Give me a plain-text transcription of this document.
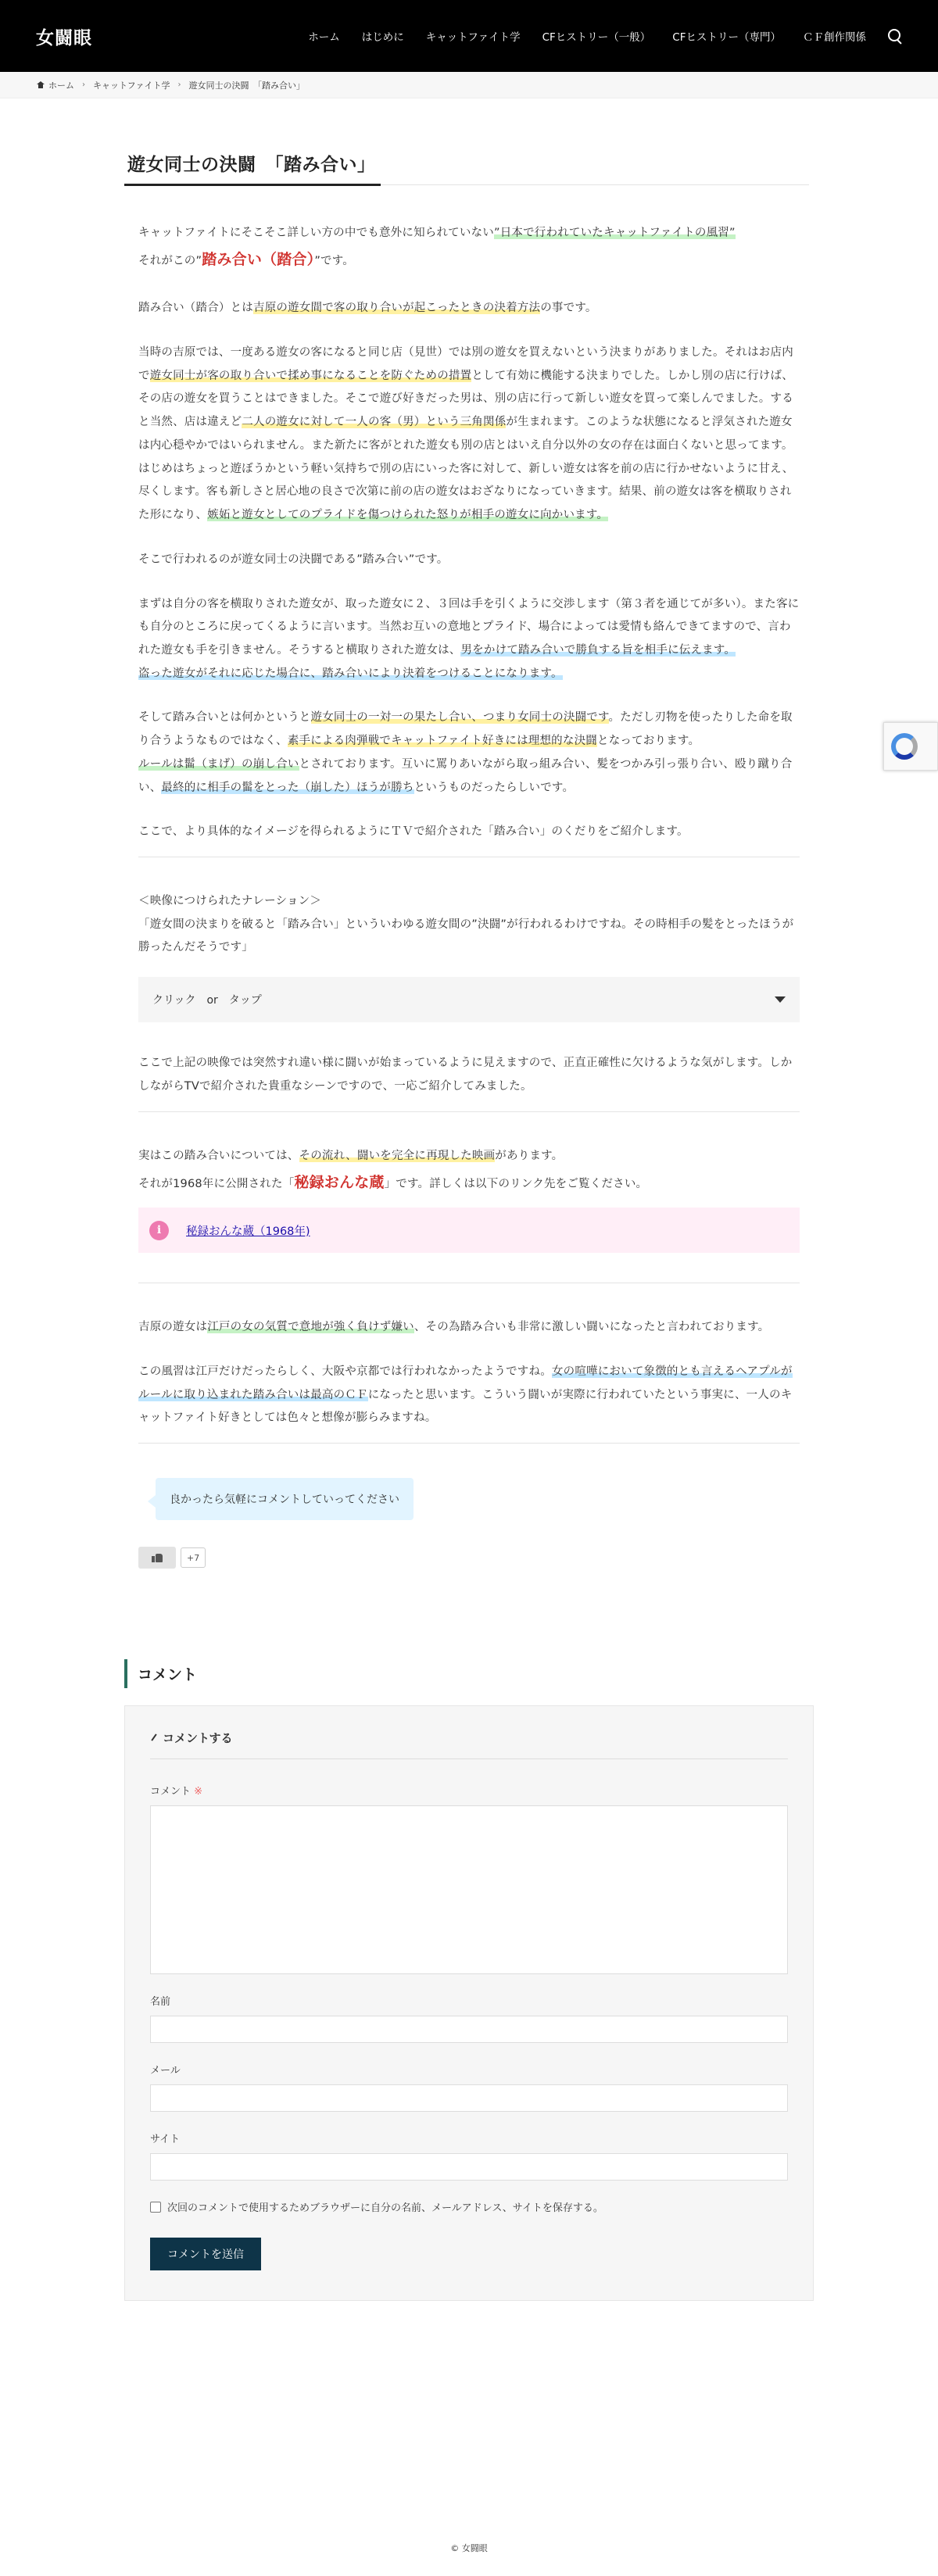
女闘眼	ホーム はじめに キャットファイト学 CFヒストリー（一般） CFヒストリー（専門） ＣＦ創作関係
ホーム › キャットファイト学 › 遊女同士の決闘　「踏み合い」
遊女同士の決闘　「踏み合い」

キャットファイトにそこそこ詳しい方の中でも意外に知られていない”日本で行われていたキャットファイトの風習”
それがこの”踏み合い（踏合）”です。

踏み合い（踏合）とは吉原の遊女間で客の取り合いが起こったときの決着方法の事です。

当時の吉原では、一度ある遊女の客になると同じ店（見世）では別の遊女を買えないという決まりがありました。それはお店内で遊女同士が客の取り合いで揉め事になることを防ぐための措置として有効に機能する決まりでした。しかし別の店に行けば、その店の遊女を買うことはできました。そこで遊び好きだった男は、別の店に行って新しい遊女を買って楽しんでました。すると当然、店は違えど二人の遊女に対して一人の客（男）という三角関係が生まれます。このような状態になると浮気された遊女は内心穏やかではいられません。また新たに客がとれた遊女も別の店とはいえ自分以外の女の存在は面白くないと思ってます。はじめはちょっと遊ぼうかという軽い気持ちで別の店にいった客に対して、新しい遊女は客を前の店に行かせないように甘え、尽くします。客も新しさと居心地の良さで次第に前の店の遊女はおざなりになっていきます。結果、前の遊女は客を横取りされた形になり、嫉妬と遊女としてのプライドを傷つけられた怒りが相手の遊女に向かいます。

そこで行われるのが遊女同士の決闘である”踏み合い”です。

まずは自分の客を横取りされた遊女が、取った遊女に２、３回は手を引くように交渉します（第３者を通じてが多い）。また客にも自分のところに戻ってくるように言います。当然お互いの意地とプライド、場合によっては愛情も絡んできてますので、言われた遊女も手を引きません。そうすると横取りされた遊女は、男をかけて踏み合いで勝負する旨を相手に伝えます。
盗った遊女がそれに応じた場合に、踏み合いにより決着をつけることになります。

そして踏み合いとは何かというと遊女同士の一対一の果たし合い、つまり女同士の決闘です。ただし刃物を使ったりした命を取り合うようなものではなく、素手による肉弾戦でキャットファイト好きには理想的な決闘となっております。
ルールは髷（まげ）の崩し合いとされております。互いに罵りあいながら取っ組み合い、髪をつかみ引っ張り合い、殴り蹴り合い、最終的に相手の髷をとった（崩した）ほうが勝ちというものだったらしいです。

ここで、より具体的なイメージを得られるようにＴＶで紹介された「踏み合い」のくだりをご紹介します。

＜映像につけられたナレーション＞
「遊女間の決まりを破ると「踏み合い」といういわゆる遊女間の”決闘”が行われるわけですね。その時相手の髪をとったほうが勝ったんだそうです」

クリック　or　タップ

ここで上記の映像では突然すれ違い様に闘いが始まっているように見えますので、正直正確性に欠けるような気がします。しかしながらTVで紹介された貴重なシーンですので、一応ご紹介してみました。

実はこの踏み合いについては、その流れ、闘いを完全に再現した映画があります。
それが1968年に公開された「秘録おんな蔵」です。詳しくは以下のリンク先をご覧ください。

i	秘録おんな蔵（1968年)

吉原の遊女は江戸の女の気質で意地が強く負けず嫌い、その為踏み合いも非常に激しい闘いになったと言われております。

この風習は江戸だけだったらしく、大阪や京都では行われなかったようですね。女の喧嘩において象徴的とも言えるヘアプルがルールに取り込まれた踏み合いは最高のＣＦになったと思います。こういう闘いが実際に行われていたという事実に、一人のキャットファイト好きとしては色々と想像が膨らみますね。

良かったら気軽にコメントしていってください
+7
コメント
コメントする
コメント ※
名前
メール
サイト
次回のコメントで使用するためブラウザーに自分の名前、メールアドレス、サイトを保存する。
コメントを送信
© 女闘眼
